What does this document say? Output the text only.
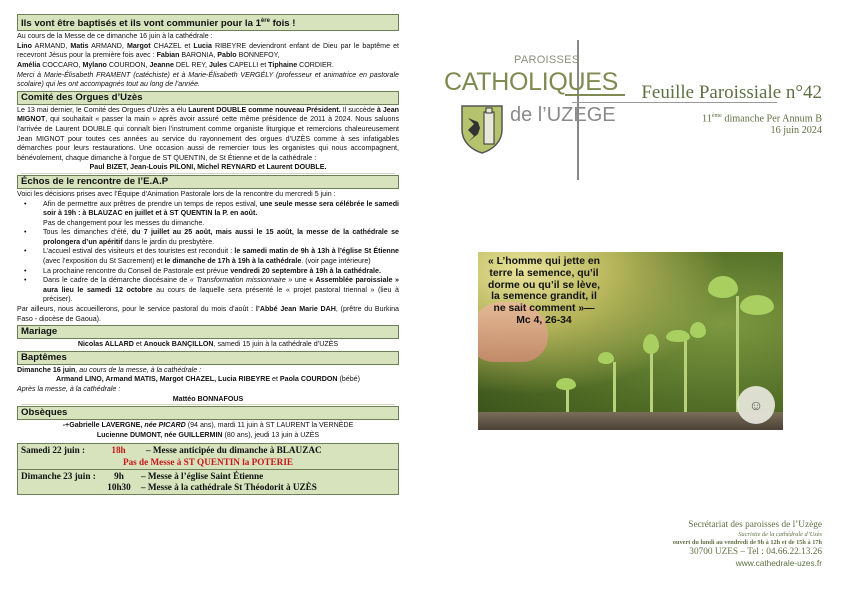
Ils vont être baptisés et ils vont communier pour la 1ère fois !

Au cours de la Messe de ce dimanche 16 juin à la cathédrale :

Lino ARMAND, Matis ARMAND, Margot CHAZEL et Lucia RIBEYRE deviendront enfant de Dieu par le baptême et recevront Jésus pour la première fois avec : Fabian BARONIA, Pablo BONNEFOY,
Amélia COCCARO, Mylano COURDON, Jeanne DEL REY, Jules CAPELLI et Tiphaine CORDIER.

Merci à Marie-Élisabeth FRAMENT (catéchiste) et à Marie-Élisabeth VERGÉLY (professeur et animatrice en pastorale scolaire) qui les ont accompagnés tout au long de l’année.

Comité des Orgues d’Uzès

Le 13 mai dernier, le Comité des Orgues d’Uzès a élu Laurent DOUBLE comme nouveau Président. Il succède à Jean MIGNOT, qui souhaitait « passer la main » après avoir assuré cette même présidence de 2011 à 2024. Nous saluons l’arrivée de Laurent DOUBLE qui connaît bien l’instrument comme organiste liturgique et remercions chaleureusement Jean MIGNOT pour toutes ces années au service du rayonnement des orgues d’UZÈS comme à ses infatigables démarches pour leurs restaurations. Une occasion aussi de remercier tous les organistes qui nous accompagnent, bénévolement, chaque dimanche à l’orgue de ST QUENTIN, de St Étienne et de la cathédrale :

Paul BIZET, Jean-Louis PILONI, Michel REYNARD et Laurent DOUBLE.

Échos de le rencontre de l’E.A.P

Voici les décisions prises avec l’Équipe d’Animation Pastorale lors de la rencontre du mercredi 5 juin :

• Afin de permettre aux prêtres de prendre un temps de repos estival, une seule messe sera célébrée le samedi soir à 19h : à BLAUZAC en juillet et à ST QUENTIN la P. en août.
Pas de changement pour les messes du dimanche.
• Tous les dimanches d’été, du 7 juillet au 25 août, mais aussi le 15 août, la messe de la cathédrale se prolongera d’un apéritif dans le jardin du presbytère.
• L’accueil estival des visiteurs et des touristes est reconduit : le samedi matin de 9h à 13h à l’église St Étienne (avec l’exposition du St Sacrement) et le dimanche de 17h à 19h à la cathédrale. (voir page intérieure)
• La prochaine rencontre du Conseil de Pastorale est prévue vendredi 20 septembre à 19h à la cathédrale.
• Dans le cadre de la démarche diocésaine de « Transformation missionnaire » une « Assemblée paroissiale » aura lieu le samedi 12 octobre au cours de laquelle sera présenté le « projet pastoral triennal » (lieu à préciser).

Par ailleurs, nous accueillerons, pour le service pastoral du mois d’août : l’Abbé Jean Marie DAH, (prêtre du Burkina Faso - diocèse de Gaoua).

Mariage

Nicolas ALLARD et Anouck BANÇILLON, samedi 15 juin à la cathédrale d’UZÈS

Baptêmes

Dimanche 16 juin, au cours de la messe, à la cathédrale :

Armand LINO, Armand MATIS, Margot CHAZEL, Lucia RIBEYRE et Paola COURDON (bébé)

Après la messe, à la cathédrale :

Mattéo BONNAFOUS

Obsèques

-+Gabrielle LAVERGNE, née PICARD (94 ans), mardi 11 juin à ST LAURENT la VERNÈDE

Lucienne DUMONT, née GUILLERMIN (80 ans), jeudi 13 juin à UZÈS

Samedi 22 juin :	18h	– Messe anticipée du dimanche à BLAUZAC
Pas de Messe à ST QUENTIN la POTERIE
Dimanche 23 juin :	9h	– Messe à l’église Saint Étienne
10h30 – Messe à la cathédrale St Théodorit à UZÈS
PAROISSES
CATHOLIQUES
de l’UZEGE
Feuille Paroissiale n°42
11ème dimanche Per Annum B
16 juin 2024
« L’homme qui jette en terre la semence, qu’il dorme ou qu’il se lève, la semence grandit, il ne sait comment »— Mc 4, 26-34
☺
Secrétariat des paroisses de l’Uzège
Sacristie de la cathédrale d’Uzès
ouvert du lundi au vendredi de 9h à 12h et de 15h à 17h
30700 UZES – Tel : 04.66.22.13.26
www.cathedrale-uzes.fr
